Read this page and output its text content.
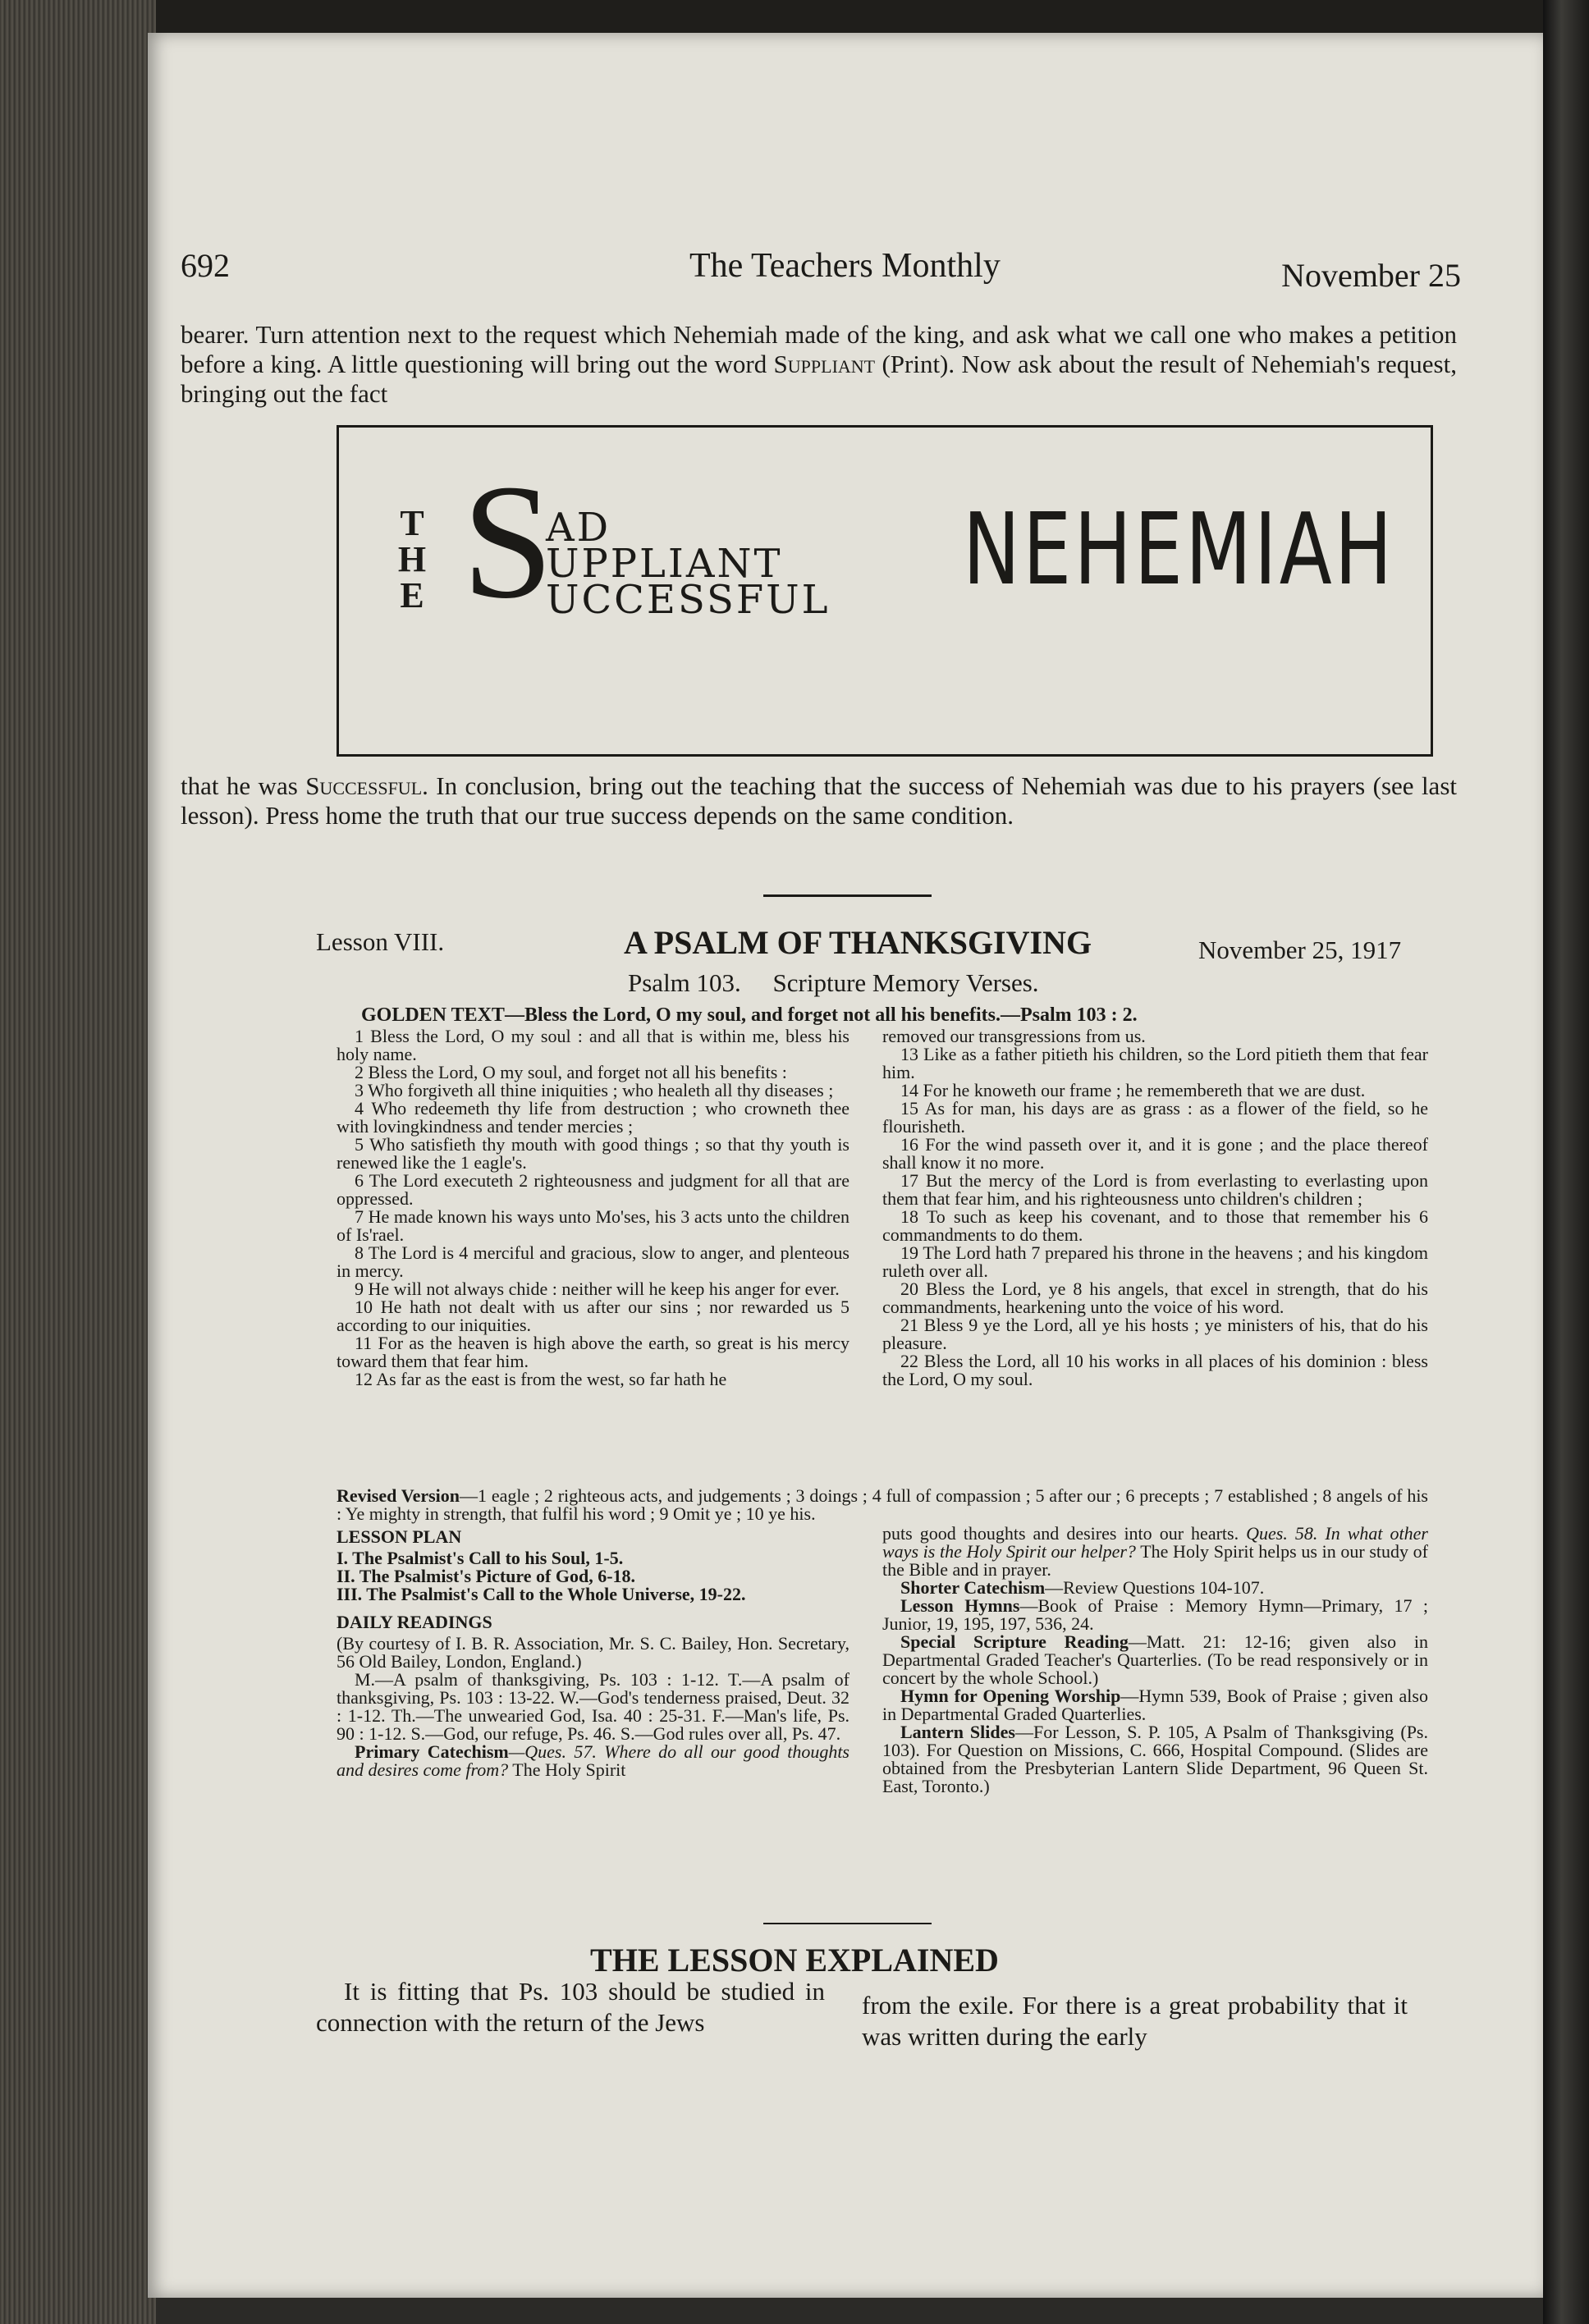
692	The Teachers Monthly	November 25
bearer. Turn attention next to the request which Nehemiah made of the king, and ask what we call one who makes a petition before a king. A little questioning will bring out the word Suppliant (Print). Now ask about the result of Nehemiah's request, bringing out the fact
T
H
E S
AD
UPPLIANT
UCCESSFUL NEHEMIAH
that he was Successful. In conclusion, bring out the teaching that the success of Nehemiah was due to his prayers (see last lesson). Press home the truth that our true success depends on the same condition.
Lesson VIII.	A PSALM OF THANKSGIVING	November 25, 1917
Psalm 103.     Scripture Memory Verses.
GOLDEN TEXT—Bless the Lord, O my soul, and forget not all his benefits.—Psalm 103 : 2.

1 Bless the Lord, O my soul : and all that is within me, bless his holy name.

2 Bless the Lord, O my soul, and forget not all his benefits :

3 Who forgiveth all thine iniquities ; who healeth all thy diseases ;

4 Who redeemeth thy life from destruction ; who crowneth thee with lovingkindness and tender mercies ;

5 Who satisfieth thy mouth with good things ; so that thy youth is renewed like the 1 eagle's.

6 The Lord executeth 2 righteousness and judgment for all that are oppressed.

7 He made known his ways unto Mo'ses, his 3 acts unto the children of Is'rael.

8 The Lord is 4 merciful and gracious, slow to anger, and plenteous in mercy.

9 He will not always chide : neither will he keep his anger for ever.

10 He hath not dealt with us after our sins ; nor rewarded us 5 according to our iniquities.

11 For as the heaven is high above the earth, so great is his mercy toward them that fear him.

12 As far as the east is from the west, so far hath he

removed our transgressions from us.

13 Like as a father pitieth his children, so the Lord pitieth them that fear him.

14 For he knoweth our frame ; he remembereth that we are dust.

15 As for man, his days are as grass : as a flower of the field, so he flourisheth.

16 For the wind passeth over it, and it is gone ; and the place thereof shall know it no more.

17 But the mercy of the Lord is from everlasting to everlasting upon them that fear him, and his righteousness unto children's children ;

18 To such as keep his covenant, and to those that remember his 6 commandments to do them.

19 The Lord hath 7 prepared his throne in the heavens ; and his kingdom ruleth over all.

20 Bless the Lord, ye 8 his angels, that excel in strength, that do his commandments, hearkening unto the voice of his word.

21 Bless 9 ye the Lord, all ye his hosts ; ye ministers of his, that do his pleasure.

22 Bless the Lord, all 10 his works in all places of his dominion : bless the Lord, O my soul.

Revised Version—1 eagle ; 2 righteous acts, and judgements ; 3 doings ; 4 full of compassion ; 5 after our ; 6 precepts ; 7 established ; 8 angels of his : Ye mighty in strength, that fulfil his word ; 9 Omit ye ; 10 ye his.

LESSON PLAN

I. The Psalmist's Call to his Soul, 1-5.

II. The Psalmist's Picture of God, 6-18.

III. The Psalmist's Call to the Whole Universe, 19-22.

DAILY READINGS

(By courtesy of I. B. R. Association, Mr. S. C. Bailey, Hon. Secretary, 56 Old Bailey, London, England.)

M.—A psalm of thanksgiving, Ps. 103 : 1-12. T.—A psalm of thanksgiving, Ps. 103 : 13-22. W.—God's tenderness praised, Deut. 32 : 1-12. Th.—The unwearied God, Isa. 40 : 25-31. F.—Man's life, Ps. 90 : 1-12. S.—God, our refuge, Ps. 46. S.—God rules over all, Ps. 47.

Primary Catechism—Ques. 57. Where do all our good thoughts and desires come from? The Holy Spirit

puts good thoughts and desires into our hearts. Ques. 58. In what other ways is the Holy Spirit our helper? The Holy Spirit helps us in our study of the Bible and in prayer.

Shorter Catechism—Review Questions 104-107.

Lesson Hymns—Book of Praise : Memory Hymn—Primary, 17 ; Junior, 19, 195, 197, 536, 24.

Special Scripture Reading—Matt. 21: 12-16; given also in Departmental Graded Teacher's Quarterlies. (To be read responsively or in concert by the whole School.)

Hymn for Opening Worship—Hymn 539, Book of Praise ; given also in Departmental Graded Quarterlies.

Lantern Slides—For Lesson, S. P. 105, A Psalm of Thanksgiving (Ps. 103). For Question on Missions, C. 666, Hospital Compound. (Slides are obtained from the Presbyterian Lantern Slide Department, 96 Queen St. East, Toronto.)

THE LESSON EXPLAINED

It is fitting that Ps. 103 should be studied in connection with the return of the Jews

from the exile. For there is a great probability that it was written during the early
